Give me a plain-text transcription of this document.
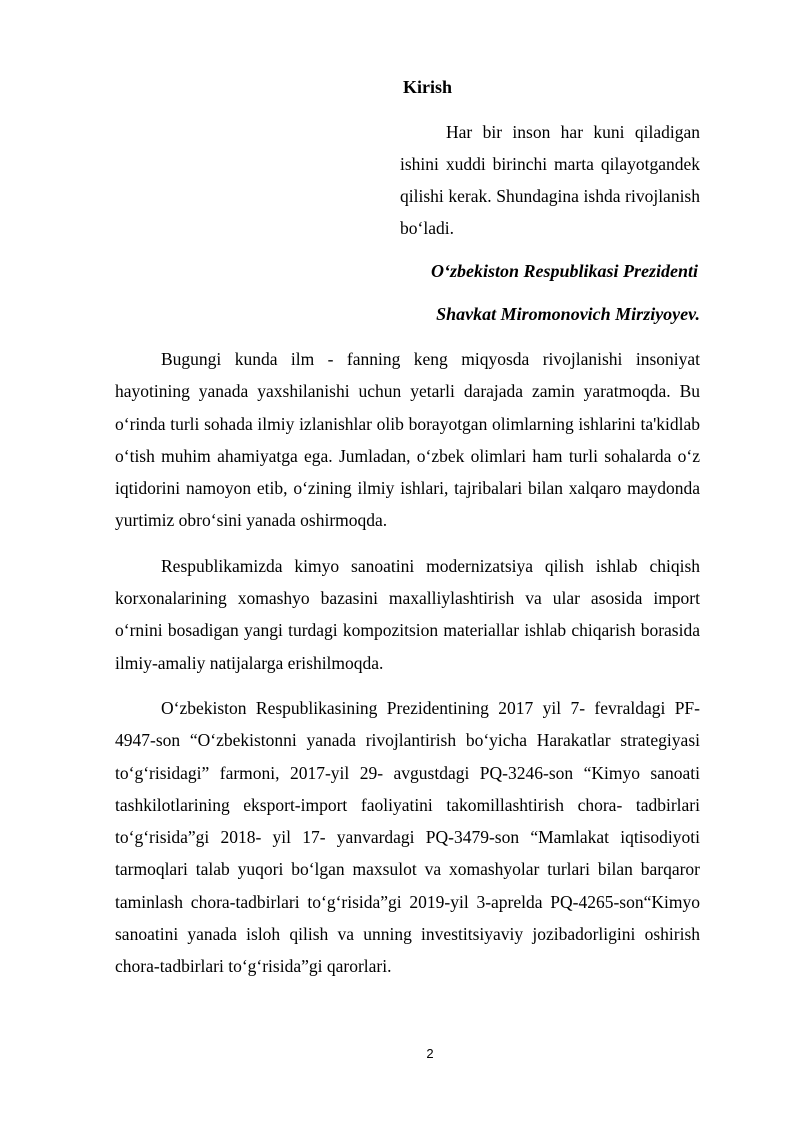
Kirish
Har bir inson har kuni qiladigan ishini xuddi birinchi marta qilayotgandek qilishi kerak. Shundagina ishda rivojlanish bo‘ladi.
O‘zbekiston Respublikasi Prezidenti
Shavkat Miromonovich Mirziyoyev.

Bugungi kunda ilm - fanning keng miqyosda rivojlanishi insoniyat hayotining yanada yaxshilanishi uchun yetarli darajada zamin yaratmoqda. Bu o‘rinda turli sohada ilmiy izlanishlar olib borayotgan olimlarning ishlarini ta'kidlab o‘tish muhim ahamiyatga ega. Jumladan, o‘zbek olimlari ham turli sohalarda o‘z iqtidorini namoyon etib, o‘zining ilmiy ishlari, tajribalari bilan xalqaro maydonda yurtimiz obro‘sini yanada oshirmoqda.

Respublikamizda kimyo sanoatini modernizatsiya qilish ishlab chiqish korxonalarining xomashyo bazasini maxalliylashtirish va ular asosida import o‘rnini bosadigan yangi turdagi kompozitsion materiallar ishlab chiqarish borasida ilmiy-amaliy natijalarga erishilmoqda.

O‘zbekiston Respublikasining Prezidentining 2017 yil 7- fevraldagi PF-4947-son “O‘zbekistonni yanada rivojlantirish bo‘yicha Harakatlar strategiyasi to‘g‘risidagi” farmoni, 2017-yil 29- avgustdagi PQ-3246-son “Kimyo sanoati tashkilotlarining eksport-import faoliyatini takomillashtirish chora- tadbirlari to‘g‘risida”gi 2018- yil 17- yanvardagi PQ-3479-son “Mamlakat iqtisodiyoti tarmoqlari talab yuqori bo‘lgan maxsulot va xomashyolar turlari bilan barqaror taminlash chora-tadbirlari to‘g‘risida”gi 2019-yil 3-aprelda PQ-4265-son“Kimyo sanoatini yanada isloh qilish va unning investitsiyaviy jozibadorligini oshirish chora-tadbirlari to‘g‘risida”gi qarorlari.

2
